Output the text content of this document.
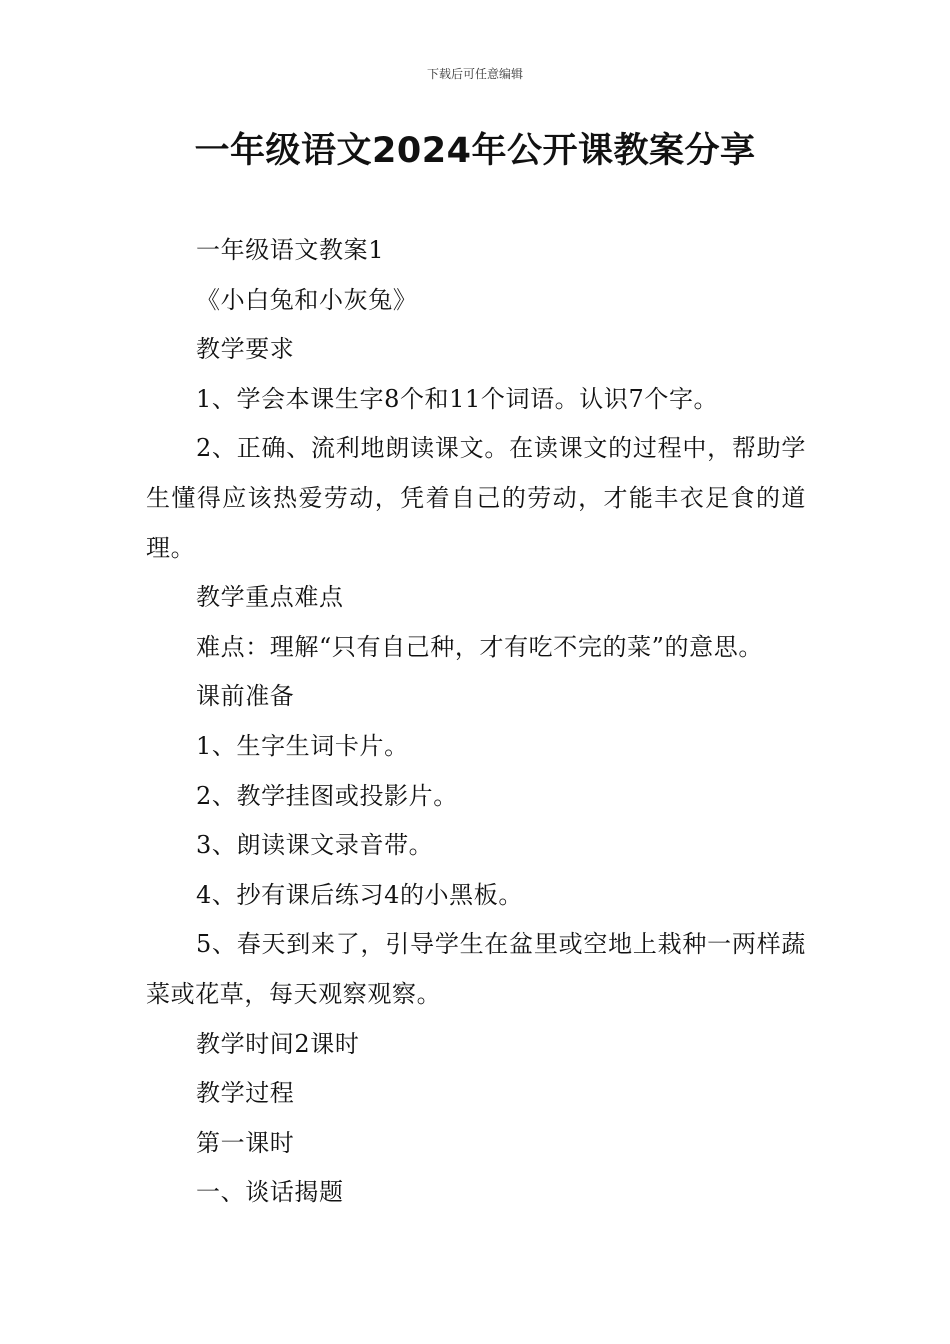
下载后可任意编辑
一年级语文2024年公开课教案分享

一年级语文教案1

《小白兔和小灰兔》

教学要求

1、学会本课生字8个和11个词语。认识7个字。

2、正确、流利地朗读课文。在读课文的过程中，帮助学生懂得应该热爱劳动，凭着自己的劳动，才能丰衣足食的道理。

教学重点难点

难点：理解“只有自己种，才有吃不完的菜”的意思。

课前准备

1、生字生词卡片。

2、教学挂图或投影片。

3、朗读课文录音带。

4、抄有课后练习4的小黑板。

5、春天到来了，引导学生在盆里或空地上栽种一两样蔬菜或花草，每天观察观察。

教学时间2课时

教学过程

第一课时

一、谈话揭题
